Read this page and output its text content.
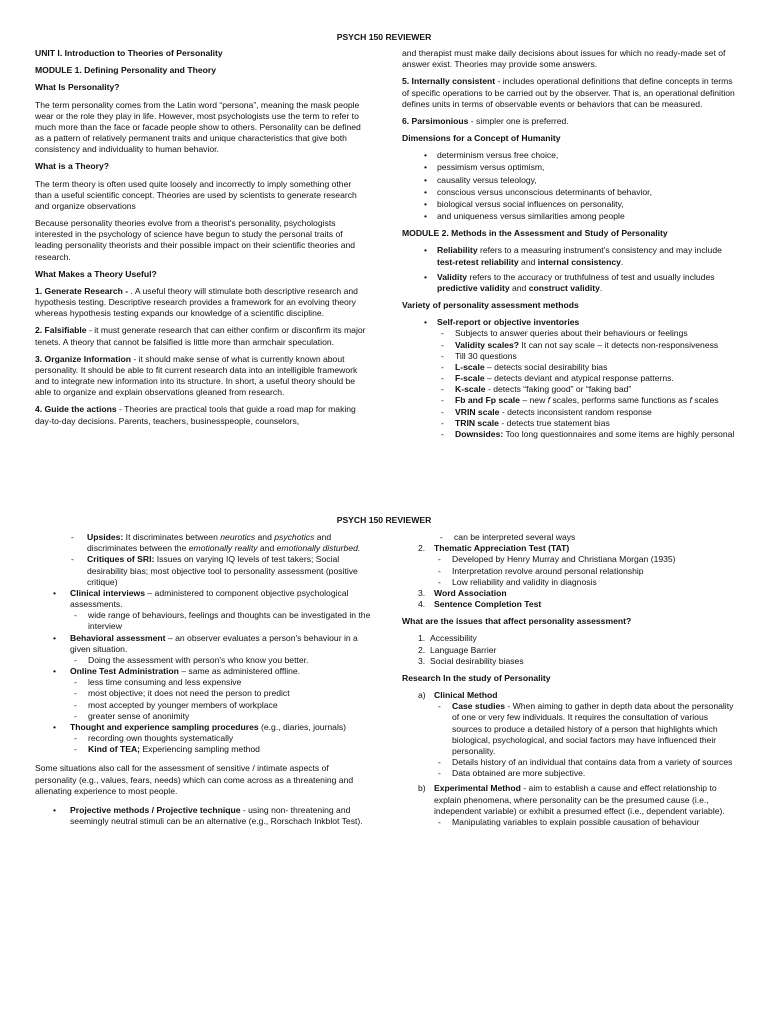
PSYCH 150 REVIEWER

UNIT I. Introduction to Theories of Personality

MODULE 1. Defining Personality and Theory

What Is Personality?

The term personality comes from the Latin word “persona”, meaning the mask people wear or the role they play in life. However, most psychologists use the term to refer to much more than the face or facade people show to others. Personality can be defined as a pattern of relatively permanent traits and unique characteristics that give both consistency and individuality to human behavior.

What is a Theory?

The term theory is often used quite loosely and incorrectly to imply something other than a useful scientific concept. Theories are used by scientists to generate research and organize observations

Because personality theories evolve from a theorist's personality, psychologists interested in the psychology of science have begun to study the personal traits of leading personality theorists and their possible impact on their scientific theories and research.

What Makes a Theory Useful?

1. Generate Research - . A useful theory will stimulate both descriptive research and hypothesis testing. Descriptive research provides a framework for an evolving theory whereas hypothesis testing expands our knowledge of a scientific discipline.

2. Falsifiable - it must generate research that can either confirm or disconfirm its major tenets. A theory that cannot be falsified is little more than armchair speculation.

3. Organize Information - it should make sense of what is currently known about personality. It should be able to fit current research data into an intelligible framework and to integrate new information into its structure. In short, a useful theory should be able to organize and explain observations gleaned from research.

4. Guide the actions - Theories are practical tools that guide a road map for making day-to-day decisions. Parents, teachers, businesspeople, counselors,

and therapist must make daily decisions about issues for which no ready-made set of answer exist. Theories may provide some answers.

5. Internally consistent - includes operational definitions that define concepts in terms of specific operations to be carried out by the observer. That is, an operational definition defines units in terms of observable events or behaviors that can be measured.

6. Parsimonious - simpler one is preferred.

Dimensions for a Concept of Humanity

• determinism versus free choice,
• pessimism versus optimism,
• causality versus teleology,
• conscious versus unconscious determinants of behavior,
• biological versus social influences on personality,
• and uniqueness versus similarities among people

MODULE 2. Methods in the Assessment and Study of Personality

• Reliability refers to a measuring instrument's consistency and may include test-retest reliability and internal consistency.
• Validity refers to the accuracy or truthfulness of test and usually includes predictive validity and construct validity.

Variety of personality assessment methods

• Self-report or objective inventories
- Subjects to answer queries about their behaviours or feelings
- Validity scales? It can not say scale – it detects non-responsiveness
- Till 30 questions
- L-scale – detects social desirability bias
- F-scale – detects deviant and atypical response patterns.
- K-scale - detects “faking good” or “faking bad”
- Fb and Fp scale – new f scales, performs same functions as f scales
- VRIN scale - detects inconsistent random response
- TRIN scale - detects true statement bias
- Downsides: Too long questionnaires and some items are highly personal
PSYCH 150 REVIEWER
- Upsides: It discriminates between neurotics and psychotics and discriminates between the emotionally reality and emotionally disturbed.
- Critiques of SRI: Issues on varying IQ levels of test takers; Social desirability bias; most objective tool to personality assessment (positive critique)
• Clinical interviews – administered to component objective psychological assessments.
- wide range of behaviours, feelings and thoughts can be investigated in the interview
• Behavioral assessment – an observer evaluates a person's behaviour in a given situation.
- Doing the assessment with person's who know you better.
• Online Test Administration – same as administered offline.
- less time consuming and less expensive
- most objective; it does not need the person to predict
- most accepted by younger members of workplace
- greater sense of anonimity
• Thought and experience sampling procedures (e.g., diaries, journals)
- recording own thoughts systematically
- Kind of TEA; Experiencing sampling method

Some situations also call for the assessment of sensitive / intimate aspects of personality (e.g., values, fears, needs) which can come across as a threatening and alienating experience to most people.

• Projective methods / Projective technique - using non- threatening and seemingly neutral stimuli can be an alternative (e.g., Rorschach Inkblot Test).
- can be interpreted several ways
2. Thematic Appreciation Test (TAT)
- Developed by Henry Murray and Christiana Morgan (1935)
- Interpretation revolve around personal relationship
- Low reliability and validity in diagnosis
3. Word Association
4. Sentence Completion Test

What are the issues that affect personality assessment?

1. Accessibility
2. Language Barrier
3. Social desirability biases

Research In the study of Personality

a) Clinical Method
- Case studies - When aiming to gather in depth data about the personality of one or very few individuals. It requires the consultation of various sources to produce a detailed history of a person that highlights which biological, psychological, and social factors may have influenced their personality.
- Details history of an individual that contains data from a variety of sources
- Data obtained are more subjective.
b) Experimental Method - aim to establish a cause and effect relationship to explain phenomena, where personality can be the presumed cause (i.e., independent variable) or exhibit a presumed effect (i.e., dependent variable).
- Manipulating variables to explain possible causation of behaviour
